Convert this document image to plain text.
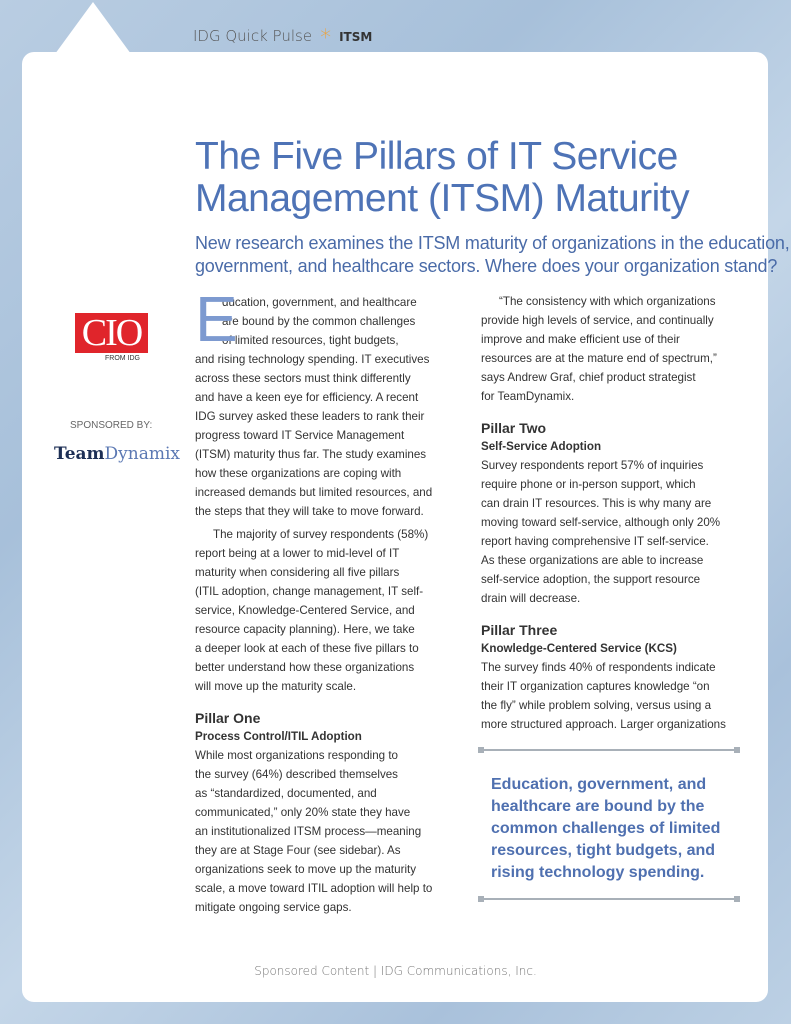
IDG Quick Pulse * ITSM
The Five Pillars of IT Service
Management (ITSM) Maturity
New research examines the ITSM maturity of organizations in the education,
government, and healthcare sectors. Where does your organization stand?
CIO
FROM IDG
SPONSORED BY:
TeamDynamix
E
ducation, government, and healthcare
are bound by the common challenges
of limited resources, tight budgets,
and rising technology spending. IT executives
across these sectors must think differently
and have a keen eye for efficiency. A recent
IDG survey asked these leaders to rank their
progress toward IT Service Management
(ITSM) maturity thus far. The study examines
how these organizations are coping with
increased demands but limited resources, and
the steps that they will take to move forward.
The majority of survey respondents (58%)
report being at a lower to mid-level of IT
maturity when considering all five pillars
(ITIL adoption, change management, IT self-
service, Knowledge-Centered Service, and
resource capacity planning). Here, we take
a deeper look at each of these five pillars to
better understand how these organizations
will move up the maturity scale.
Pillar One
Process Control/ITIL Adoption
While most organizations responding to
the survey (64%) described themselves
as “standardized, documented, and
communicated,” only 20% state they have
an institutionalized ITSM process—meaning
they are at Stage Four (see sidebar). As
organizations seek to move up the maturity
scale, a move toward ITIL adoption will help to
mitigate ongoing service gaps.
“The consistency with which organizations
provide high levels of service, and continually
improve and make efficient use of their
resources are at the mature end of spectrum,”
says Andrew Graf, chief product strategist
for TeamDynamix.
Pillar Two
Self-Service Adoption
Survey respondents report 57% of inquiries
require phone or in-person support, which
can drain IT resources. This is why many are
moving toward self-service, although only 20%
report having comprehensive IT self-service.
As these organizations are able to increase
self-service adoption, the support resource
drain will decrease.
Pillar Three
Knowledge-Centered Service (KCS)
The survey finds 40% of respondents indicate
their IT organization captures knowledge “on
the fly” while problem solving, versus using a
more structured approach. Larger organizations
Education, government, and
healthcare are bound by the
common challenges of limited
resources, tight budgets, and
rising technology spending.
Sponsored Content | IDG Communications, Inc.
